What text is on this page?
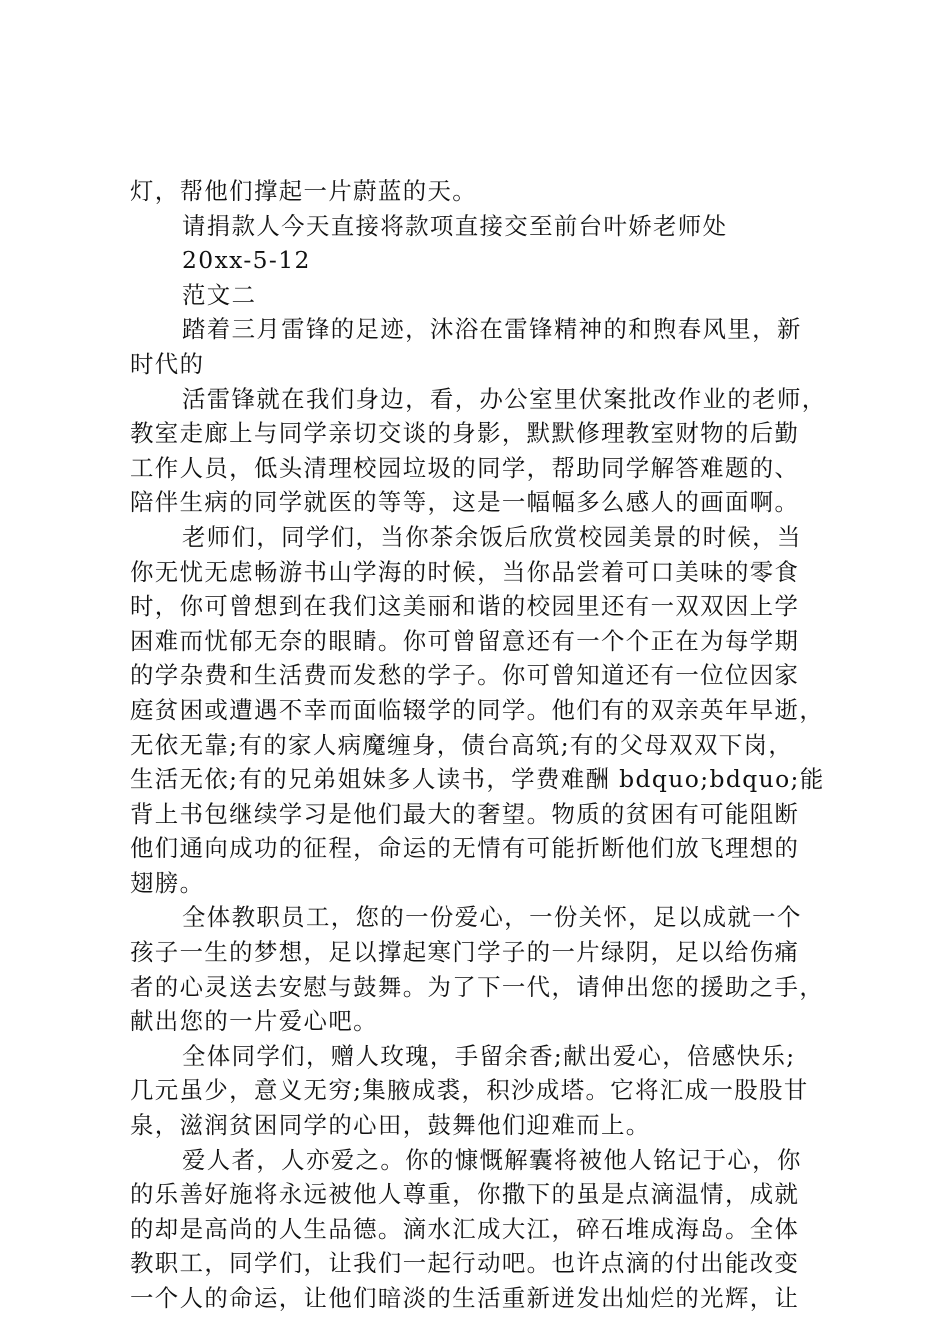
灯，帮他们撑起一片蔚蓝的天。
请捐款人今天直接将款项直接交至前台叶娇老师处
20xx-5-12
范文二
踏着三月雷锋的足迹，沐浴在雷锋精神的和煦春风里，新
时代的
活雷锋就在我们身边，看，办公室里伏案批改作业的老师，
教室走廊上与同学亲切交谈的身影，默默修理教室财物的后勤
工作人员，低头清理校园垃圾的同学，帮助同学解答难题的、
陪伴生病的同学就医的等等，这是一幅幅多么感人的画面啊。
老师们，同学们，当你茶余饭后欣赏校园美景的时候，当
你无忧无虑畅游书山学海的时候，当你品尝着可口美味的零食
时，你可曾想到在我们这美丽和谐的校园里还有一双双因上学
困难而忧郁无奈的眼睛。你可曾留意还有一个个正在为每学期
的学杂费和生活费而发愁的学子。你可曾知道还有一位位因家
庭贫困或遭遇不幸而面临辍学的同学。他们有的双亲英年早逝，
无依无靠;有的家人病魔缠身，债台高筑;有的父母双双下岗，
生活无依;有的兄弟姐妹多人读书，学费难酬 bdquo;bdquo;能
背上书包继续学习是他们最大的奢望。物质的贫困有可能阻断
他们通向成功的征程，命运的无情有可能折断他们放飞理想的
翅膀。
全体教职员工，您的一份爱心，一份关怀，足以成就一个
孩子一生的梦想，足以撑起寒门学子的一片绿阴，足以给伤痛
者的心灵送去安慰与鼓舞。为了下一代，请伸出您的援助之手，
献出您的一片爱心吧。
全体同学们，赠人玫瑰，手留余香;献出爱心，倍感快乐;
几元虽少，意义无穷;集腋成裘，积沙成塔。它将汇成一股股甘
泉，滋润贫困同学的心田，鼓舞他们迎难而上。
爱人者，人亦爱之。你的慷慨解囊将被他人铭记于心，你
的乐善好施将永远被他人尊重，你撒下的虽是点滴温情，成就
的却是高尚的人生品德。滴水汇成大江，碎石堆成海岛。全体
教职工，同学们，让我们一起行动吧。也许点滴的付出能改变
一个人的命运，让他们暗淡的生活重新迸发出灿烂的光辉，让
